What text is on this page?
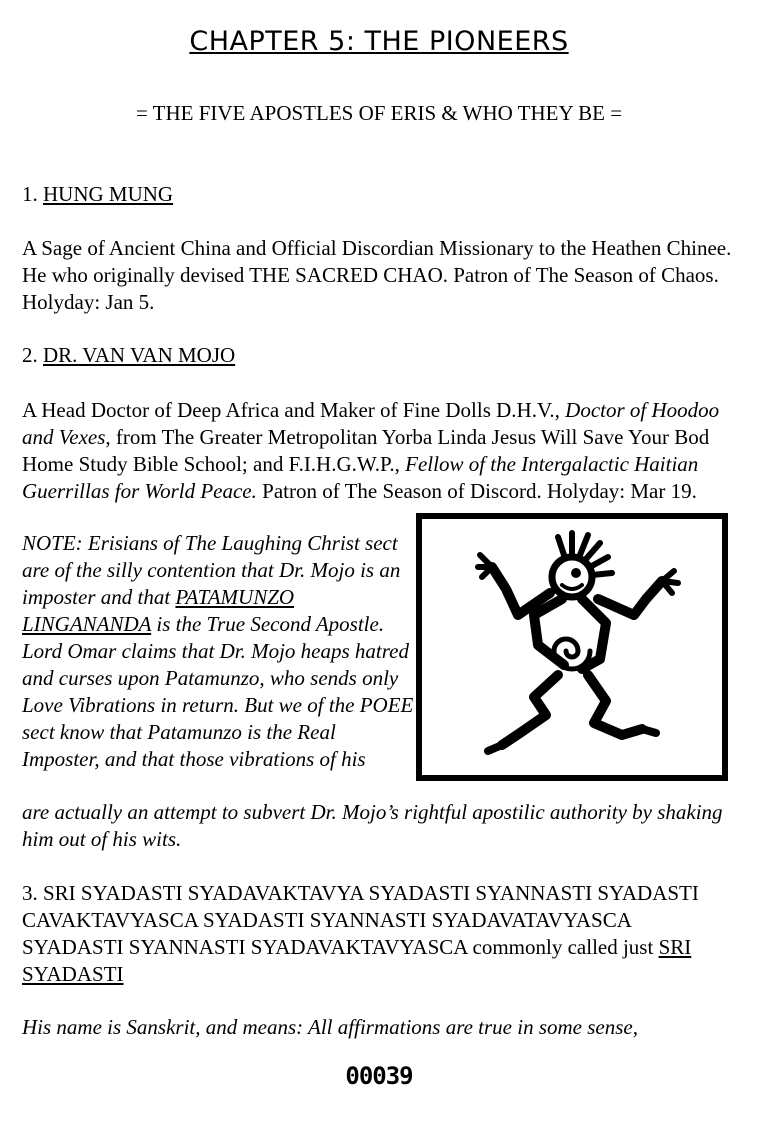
CHAPTER 5: THE PIONEERS
= THE FIVE APOSTLES OF ERIS & WHO THEY BE =
1. HUNG MUNG
A Sage of Ancient China and Official Discordian Missionary to the Heathen Chinee. He who originally devised THE SACRED CHAO. Patron of The Season of Chaos. Holyday: Jan 5.
2. DR. VAN VAN MOJO
A Head Doctor of Deep Africa and Maker of Fine Dolls D.H.V., Doctor of Hoodoo and Vexes, from The Greater Metropolitan Yorba Linda Jesus Will Save Your Bod Home Study Bible School; and F.I.H.G.W.P., Fellow of the Intergalactic Haitian Guerrillas for World Peace. Patron of The Season of Discord. Holyday: Mar 19.
NOTE: Erisians of The Laughing Christ sect are of the silly contention that Dr. Mojo is an imposter and that PATAMUNZO LINGANANDA is the True Second Apostle. Lord Omar claims that Dr. Mojo heaps hatred and curses upon Patamunzo, who sends only Love Vibrations in return. But we of the POEE sect know that Patamunzo is the Real Imposter, and that those vibrations of his
are actually an attempt to subvert Dr. Mojo’s rightful apostilic authority by shaking him out of his wits.
3. SRI SYADASTI SYADAVAKTAVYA SYADASTI SYANNASTI SYADASTI CAVAKTAVYASCA SYADASTI SYANNASTI SYADAVATAVYASCA SYADASTI SYANNASTI SYADAVAKTAVYASCA commonly called just SRI SYADASTI
His name is Sanskrit, and means: All affirmations are true in some sense,
00039
